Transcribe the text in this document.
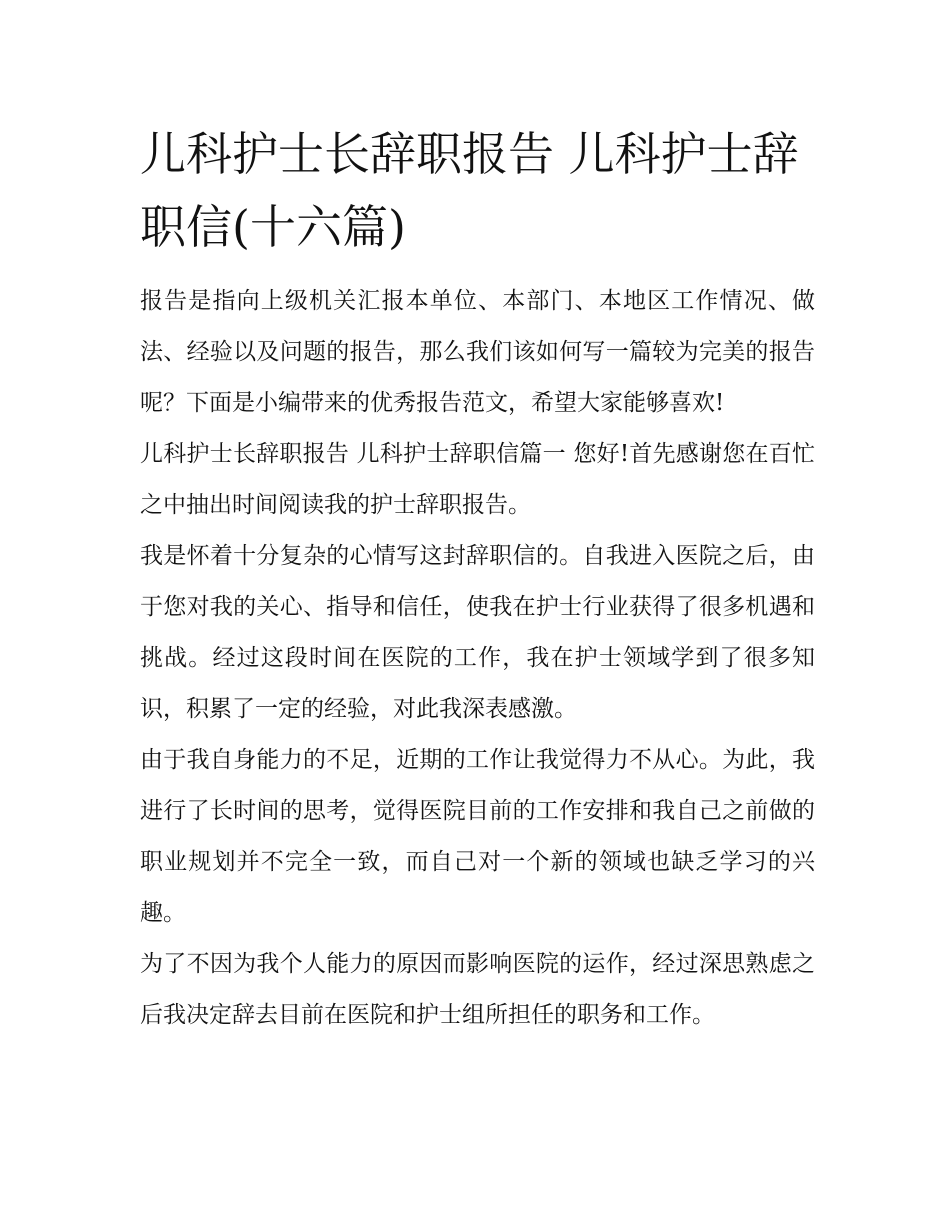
儿科护士长辞职报告 儿科护士辞职信(十六篇)

报告是指向上级机关汇报本单位、本部门、本地区工作情况、做法、经验以及问题的报告，那么我们该如何写一篇较为完美的报告呢？下面是小编带来的优秀报告范文，希望大家能够喜欢!

儿科护士长辞职报告 儿科护士辞职信篇一 您好!首先感谢您在百忙之中抽出时间阅读我的护士辞职报告。

我是怀着十分复杂的心情写这封辞职信的。自我进入医院之后，由于您对我的关心、指导和信任，使我在护士行业获得了很多机遇和挑战。经过这段时间在医院的工作，我在护士领域学到了很多知识，积累了一定的经验，对此我深表感激。

由于我自身能力的不足，近期的工作让我觉得力不从心。为此，我进行了长时间的思考，觉得医院目前的工作安排和我自己之前做的职业规划并不完全一致，而自己对一个新的领域也缺乏学习的兴趣。

为了不因为我个人能力的原因而影响医院的运作，经过深思熟虑之后我决定辞去目前在医院和护士组所担任的职务和工作。
